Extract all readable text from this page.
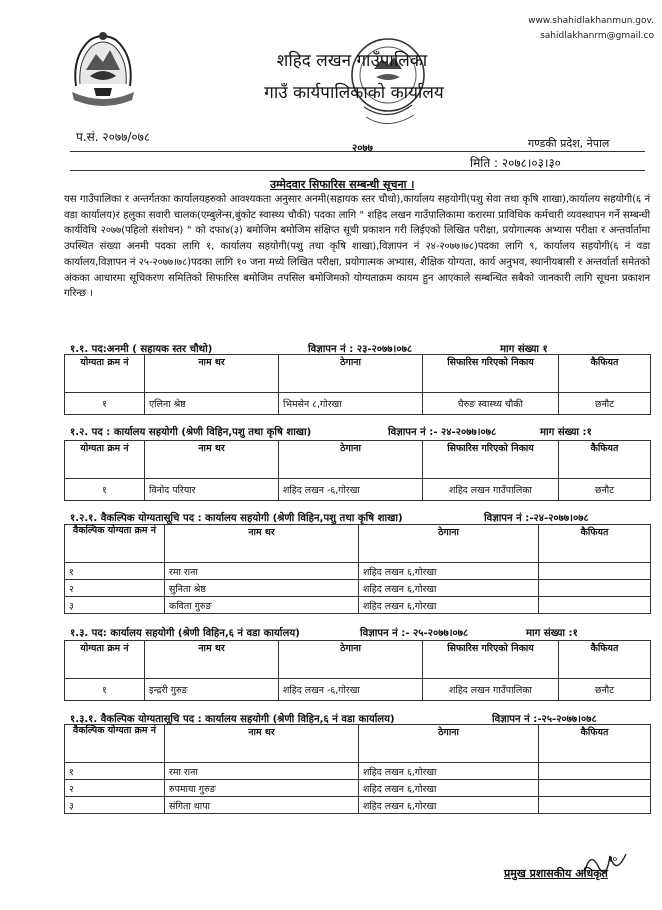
www.shahidlakhanmun.gov.
sahidlakhanrm@gmail.co
शहिद लखन गाउँपालिका
गाउँ कार्यपालिकाको कार्यालय
२०७७
प.सं. २०७७/०७८	गण्डकी प्रदेश, नेपाल
मिति : २०७८।०३।३०
उम्मेदवार सिफारिस सम्बन्धी सूचना ।
यस गाउँपालिका र अन्तर्गतका कार्यालयहरुको आवश्यकता अनुसार अनमी(सहायक स्तर चौथो),कार्यालय सहयोगी(पशु सेवा तथा कृषि शाखा),कार्यालय सहयोगी(६ नं वडा कार्यालय)र हलुका सवारी चालक(एम्बुलेन्स,बुंकोट स्वास्थ्य चौकी) पदका लागि " शहिद लखन गाउँपालिकामा करारमा प्राविधिक कर्मचारी व्यवस्थापन गर्ने सम्बन्धी कार्यविधि २०७७(पहिलो संशोधन) " को दफा४(३) बमोजिम बमोजिम संक्षिप्त सूची प्रकाशन गरी लिईएको लिखित परीक्षा, प्रयोगात्मक अभ्यास परीक्षा र अन्तर्वार्तामा उपस्थित संख्या अनमी पदका लागि १, कार्यालय सहयोगी(पशु तथा कृषि शाखा),विज्ञापन नं २४-२०७७।७८)पदका लागि ९, कार्यालय सहयोगी(६ नं वडा कार्यालय,विज्ञापन नं २५-२०७७।७८)पदका लागि १० जना मध्ये लिखित परीक्षा, प्रयोगात्मक अभ्यास, शैक्षिक योग्यता, कार्य अनुभव, स्थानीयबासी र अन्तर्वार्ता समेतको अंकका आधारमा सूचिकरण समितिको सिफारिस बमोजिम तपसिल बमोजिमको योग्यताक्रम कायम हुन आएकाले सम्बन्धित सबैको जानकारी लागि सूचना प्रकाशन गरिन्छ ।
१.१. पद:अनमी ( सहायक स्तर चौथो)	विज्ञापन नं : २३-२०७७।०७८	माग संख्या १
योग्यता क्रम नं	नाम थर	ठेगाना	सिफारिस गरिएको निकाय	कैफियत
१	एलिना श्रेष्ठ	भिमसेन ८,गोरखा	घैरुङ स्वास्थ्य चौकी	छनौट
१.२. पद : कार्यालय सहयोगी (श्रेणी विहिन,पशु तथा कृषि शाखा)	विज्ञापन नं :- २४-२०७७।०७८	माग संख्या :१
योग्यता क्रम नं	नाम थर	ठेगाना	सिफारिस गरिएको निकाय	कैफियत
१	विनोद परियार	शहिद लखन -६,गोरखा	शहिद लखन गाउँपालिका	छनौट
१.२.१. वैकल्पिक योग्यतासूचि पद : कार्यालय सहयोगी (श्रेणी विहिन,पशु तथा कृषि शाखा)	विज्ञापन नं :-२४-२०७७।०७८
वैकल्पिक योग्यता क्रम नं	नाम थर	ठेगाना	कैफियत
१	रमा राना	शहिद लखन ६,गोरखा	
२	सुनिता श्रेष्ठ	शहिद लखन ६,गोरखा	
३	कविता गुरुङ	शहिद लखन ६,गोरखा	
१.३. पद: कार्यालय सहयोगी (श्रेणी विहिन,६ नं वडा कार्यालय)	विज्ञापन नं :- २५-२०७७।०७८	माग संख्या :१
योग्यता क्रम नं	नाम थर	ठेगाना	सिफारिस गरिएको निकाय	कैफियत
१	इन्द्ररी गुरुङ	शहिद लखन -६,गोरखा	शहिद लखन गाउँपालिका	छनौट
१.३.१. वैकल्पिक योग्यतासूचि पद : कार्यालय सहयोगी (श्रेणी विहिन,६ नं वडा कार्यालय)	विज्ञापन नं :-२५-२०७७।०७८
वैकल्पिक योग्यता क्रम नं	नाम थर	ठेगाना	कैफियत
१	रमा राना	शहिद लखन ६,गोरखा	
२	रुपमाया गुरुङ	शहिद लखन ६,गोरखा	
३	संगिता थापा	शहिद लखन ६,गोरखा	
२०
प्रमुख प्रशासकीय अधिकृत
